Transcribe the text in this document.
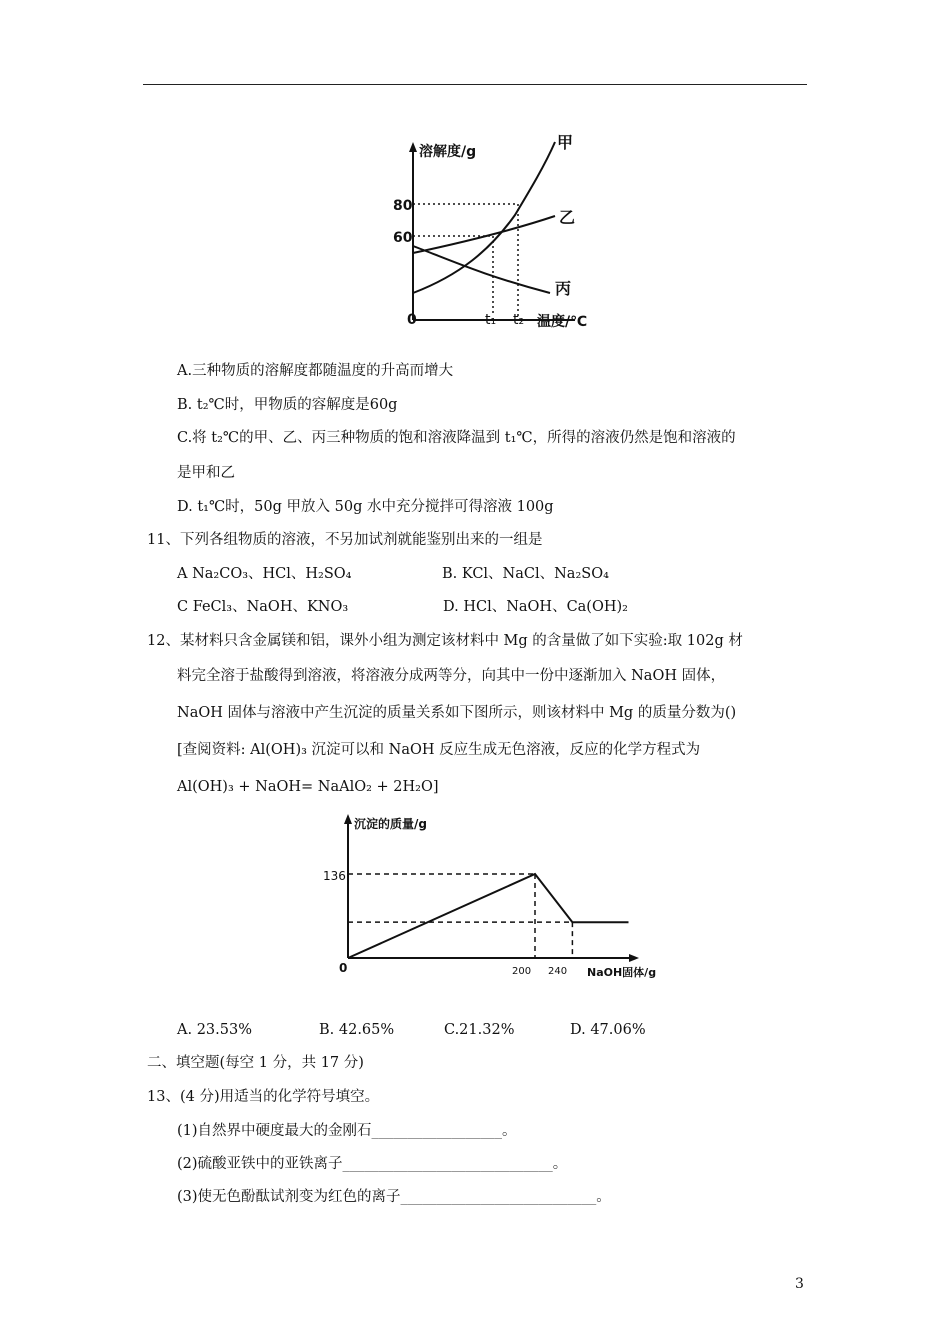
溶解度/g
80
60
0	t₁ t₂ 温度/℃
甲
乙
丙
A.三种物质的溶解度都随温度的升高而增大
B. t₂℃时，甲物质的容解度是60g
C.将 t₂℃的甲、乙、丙三种物质的饱和溶液降温到 t₁℃，所得的溶液仍然是饱和溶液的
是甲和乙
D. t₁℃时，50g 甲放入 50g 水中充分搅拌可得溶液 100g
11、下列各组物质的溶液，不另加试剂就能鉴别出来的一组是
A Na₂CO₃、HCl、H₂SO₄	B. KCl、NaCl、Na₂SO₄
C FeCl₃、NaOH、KNO₃	D. HCl、NaOH、Ca(OH)₂
12、某材料只含金属镁和铝，课外小组为测定该材料中 Mg 的含量做了如下实验:取 102g 材
料完全溶于盐酸得到溶液，将溶液分成两等分，向其中一份中逐渐加入 NaOH 固体，
NaOH 固体与溶液中产生沉淀的质量关系如下图所示，则该材料中 Mg 的质量分数为()
[查阅资料: Al(OH)₃ 沉淀可以和 NaOH 反应生成无色溶液，反应的化学方程式为
Al(OH)₃ + NaOH= NaAlO₂ + 2H₂O]
沉淀的质量/g
NaOH固体/g
136
0	200 240
A. 23.53%	B. 42.65%	C.21.32%	D. 47.06%
二、填空题(每空 1 分，共 17 分)
13、(4 分)用适当的化学符号填空。
(1)自然界中硬度最大的金刚石__________________。
(2)硫酸亚铁中的亚铁离子_____________________________。
(3)使无色酚酞试剂变为红色的离子___________________________。
3
